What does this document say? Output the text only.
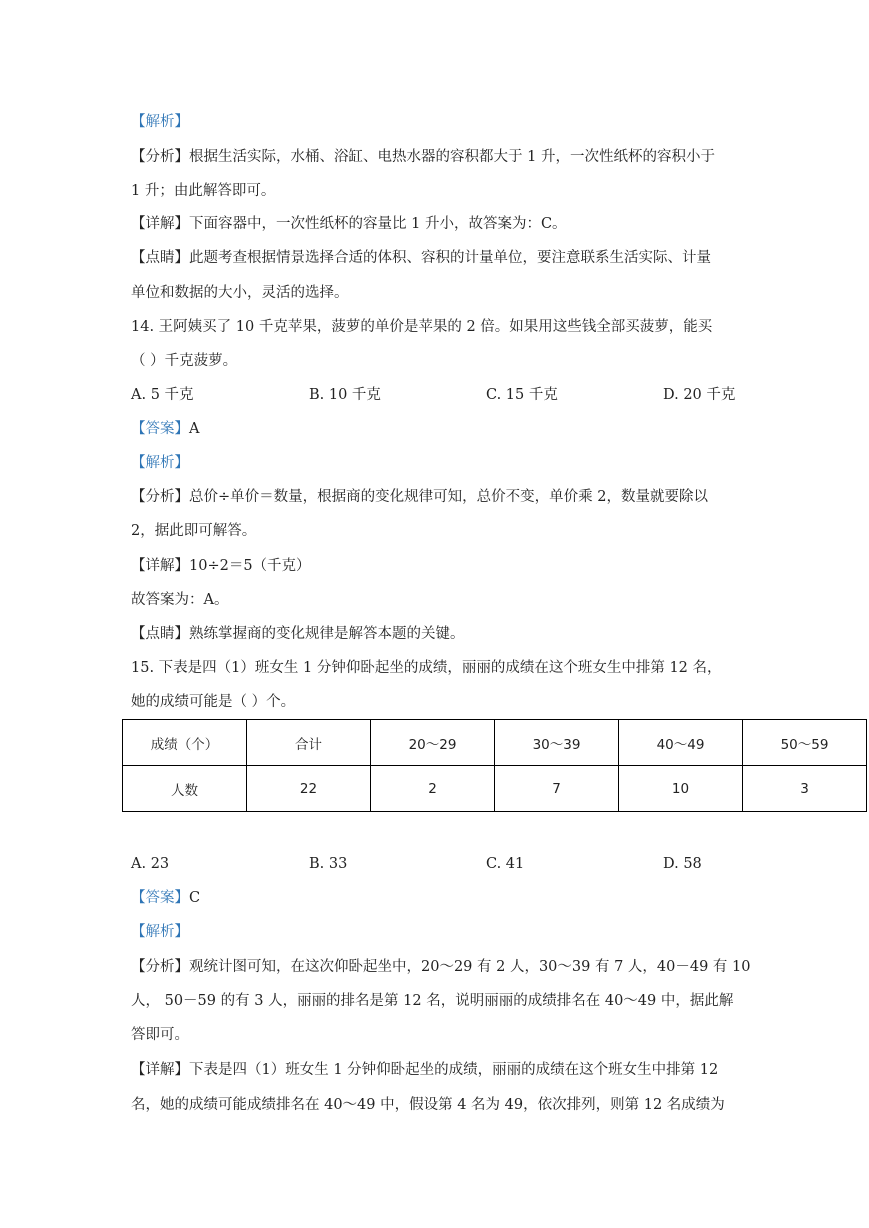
【解析】
【分析】根据生活实际，水桶、浴缸、电热水器的容积都大于 1 升，一次性纸杯的容积小于
1 升；由此解答即可。
【详解】下面容器中，一次性纸杯的容量比 1 升小，故答案为：C。
【点睛】此题考查根据情景选择合适的体积、容积的计量单位，要注意联系生活实际、计量
单位和数据的大小，灵活的选择。
14. 王阿姨买了 10 千克苹果，菠萝的单价是苹果的 2 倍。如果用这些钱全部买菠萝，能买
（ ）千克菠萝。
A. 5 千克	B. 10 千克	C. 15 千克	D. 20 千克
【答案】A
【解析】
【分析】总价÷单价＝数量，根据商的变化规律可知，总价不变，单价乘 2，数量就要除以
2，据此即可解答。
【详解】10÷2＝5（千克）
故答案为：A。
【点睛】熟练掌握商的变化规律是解答本题的关键。
15. 下表是四（1）班女生 1 分钟仰卧起坐的成绩，丽丽的成绩在这个班女生中排第 12 名，
她的成绩可能是（ ）个。
成绩（个）	合计	20～29	30～39	40～49	50～59
人数	22	2	7	10	3
A. 23	B. 33	C. 41	D. 58
【答案】C
【解析】
【分析】观统计图可知，在这次仰卧起坐中，20～29 有 2 人，30～39 有 7 人，40－49 有 10
人， 50－59 的有 3 人，丽丽的排名是第 12 名，说明丽丽的成绩排名在 40～49 中，据此解
答即可。
【详解】下表是四（1）班女生 1 分钟仰卧起坐的成绩，丽丽的成绩在这个班女生中排第 12
名，她的成绩可能成绩排名在 40～49 中，假设第 4 名为 49，依次排列，则第 12 名成绩为
